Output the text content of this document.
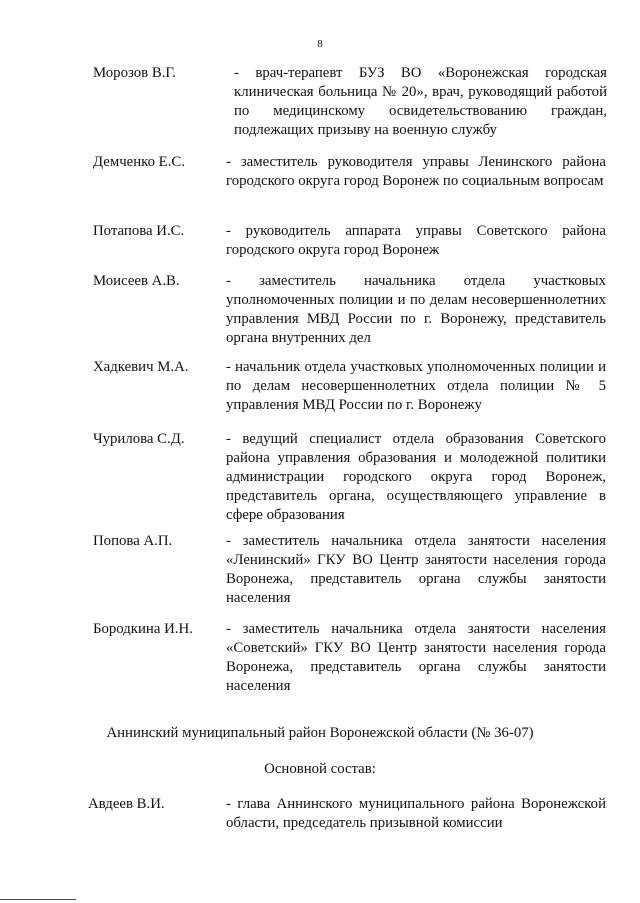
8
Морозов В.Г.	- врач-терапевт БУЗ ВО «Воронежская городская клиническая больница № 20», врач, руководящий работой по медицинскому освидетельствованию граждан, подлежащих призыву на военную службу
Демченко Е.С.	- заместитель руководителя управы Ленинского района городского округа город Воронеж по социальным вопросам
Потапова И.С.	- руководитель аппарата управы Советского района городского округа город Воронеж
Моисеев А.В.	- заместитель начальника отдела участковых уполномоченных полиции и по делам несовершеннолетних управления МВД России по г. Воронежу, представитель органа внутренних дел
Хадкевич М.А.	- начальник отдела участковых уполномоченных полиции и по делам несовершеннолетних отдела полиции № 5 управления МВД России по г. Воронежу
Чурилова С.Д.	- ведущий специалист отдела образования Советского района управления образования и молодежной политики администрации городского округа город Воронеж, представитель органа, осуществляющего управление в сфере образования
Попова А.П.	- заместитель начальника отдела занятости населения «Ленинский» ГКУ ВО Центр занятости населения города Воронежа, представитель органа службы занятости населения
Бородкина И.Н. - заместитель начальника отдела занятости населения «Советский» ГКУ ВО Центр занятости населения города Воронежа, представитель органа службы занятости населения
Аннинский муниципальный район Воронежской области (№ 36-07)
Основной состав:
Авдеев В.И.	- глава Аннинского муниципального района Воронежской области, председатель призывной комиссии
